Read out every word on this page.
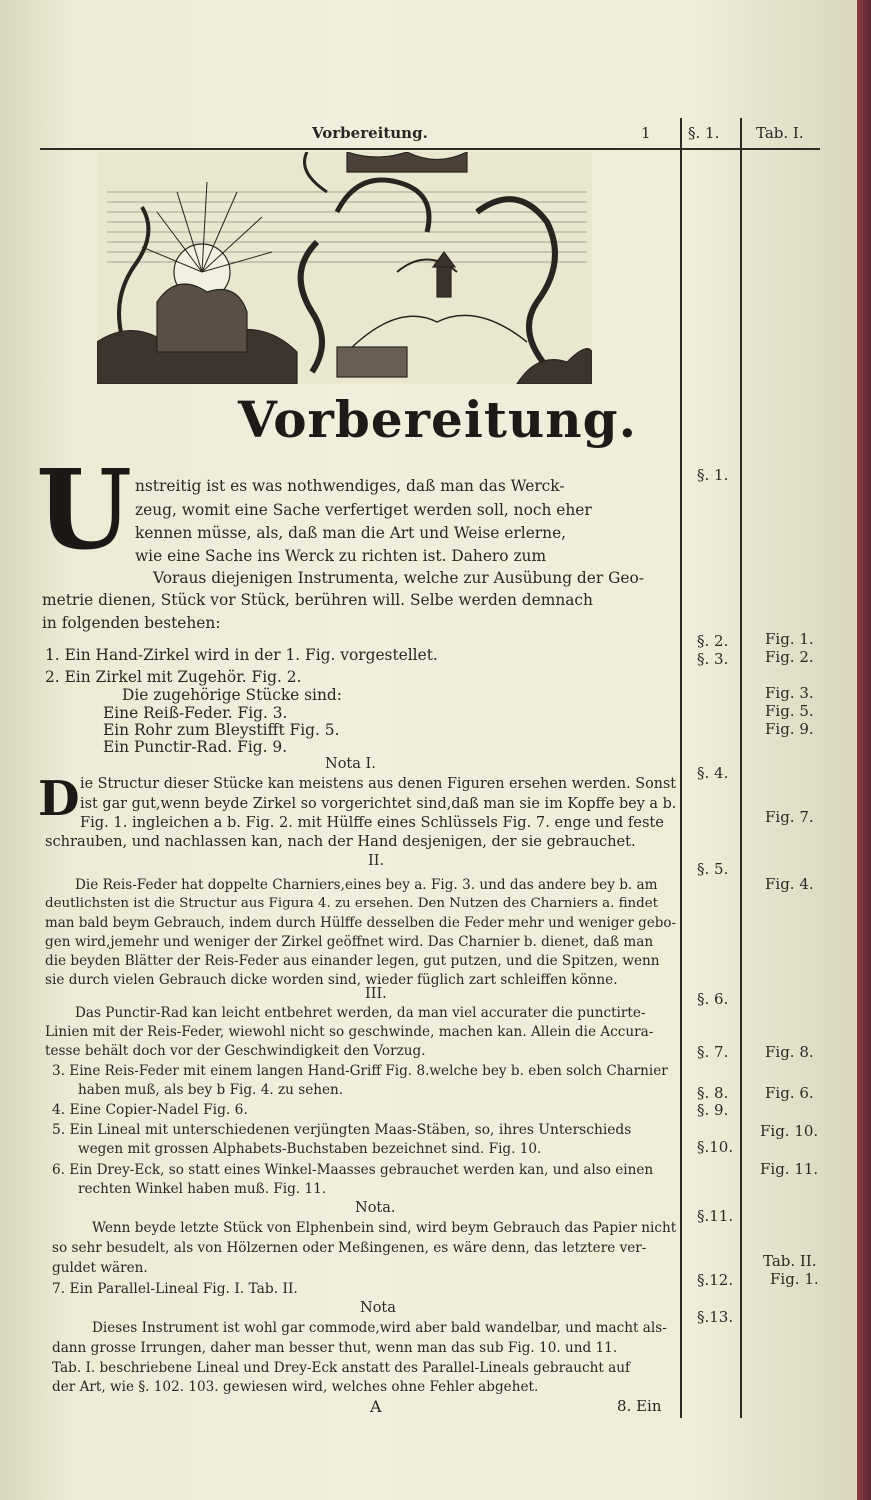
Vorbereitung.	1 §. 1. Tab. I.
Vorbereitung.
U nstreitig ist es was nothwendiges, daß man das Werck-
zeug, womit eine Sache verfertiget werden soll, noch eher
kennen müsse, als, daß man die Art und Weise erlerne,
wie eine Sache ins Werck zu richten ist. Dahero zum
Voraus diejenigen Instrumenta, welche zur Ausübung der Geo-
metrie dienen, Stück vor Stück, berühren will. Selbe werden demnach
in folgenden bestehen:
1. Ein Hand-Zirkel wird in der 1. Fig. vorgestellet.
2. Ein Zirkel mit Zugehör. Fig. 2.
Die zugehörige Stücke sind:
Eine Reiß-Feder. Fig. 3.
Ein Rohr zum Bleystifft Fig. 5.
Ein Punctir-Rad. Fig. 9.
Nota I.
D ie Structur dieser Stücke kan meistens aus denen Figuren ersehen werden. Sonst
ist gar gut,wenn beyde Zirkel so vorgerichtet sind,daß man sie im Kopffe bey a b.
Fig. 1. ingleichen a b. Fig. 2. mit Hülffe eines Schlüssels Fig. 7. enge und feste
schrauben, und nachlassen kan, nach der Hand desjenigen, der sie gebrauchet.
II.
Die Reis-Feder hat doppelte Charniers,eines bey a. Fig. 3. und das andere bey b. am
deutlichsten ist die Structur aus Figura 4. zu ersehen. Den Nutzen des Charniers a. findet
man bald beym Gebrauch, indem durch Hülffe desselben die Feder mehr und weniger gebo-
gen wird,jemehr und weniger der Zirkel geöffnet wird. Das Charnier b. dienet, daß man
die beyden Blätter der Reis-Feder aus einander legen, gut putzen, und die Spitzen, wenn
sie durch vielen Gebrauch dicke worden sind, wieder füglich zart schleiffen könne.
III.
Das Punctir-Rad kan leicht entbehret werden, da man viel accurater die punctirte-
Linien mit der Reis-Feder, wiewohl nicht so geschwinde, machen kan. Allein die Accura-
tesse behält doch vor der Geschwindigkeit den Vorzug.
3. Eine Reis-Feder mit einem langen Hand-Griff Fig. 8.welche bey b. eben solch Charnier
haben muß, als bey b Fig. 4. zu sehen.
4. Eine Copier-Nadel Fig. 6.
5. Ein Lineal mit unterschiedenen verjüngten Maas-Stäben, so, ihres Unterschieds
wegen mit grossen Alphabets-Buchstaben bezeichnet sind. Fig. 10.
6. Ein Drey-Eck, so statt eines Winkel-Maasses gebrauchet werden kan, und also einen
rechten Winkel haben muß. Fig. 11.
Nota.
Wenn beyde letzte Stück von Elphenbein sind, wird beym Gebrauch das Papier nicht
so sehr besudelt, als von Hölzernen oder Meßingenen, es wäre denn, das letztere ver-
guldet wären.
7. Ein Parallel-Lineal Fig. I. Tab. II.
Nota
Dieses Instrument ist wohl gar commode,wird aber bald wandelbar, und macht als-
dann grosse Irrungen, daher man besser thut, wenn man das sub Fig. 10. und 11.
Tab. I. beschriebene Lineal und Drey-Eck anstatt des Parallel-Lineals gebraucht auf
der Art, wie §. 102. 103. gewiesen wird, welches ohne Fehler abgehet.
A	8. Ein
§. 1.
§. 2.
§. 3.
§. 4.
§. 5.
§. 6.
§. 7.
§. 8.
§. 9.
§.10.
§.11.
§.12.
§.13.
Fig. 1.
Fig. 2.
Fig. 3.
Fig. 5.
Fig. 9.
Fig. 7.
Fig. 4.
Fig. 8.
Fig. 6.
Fig. 10.
Fig. 11.
Tab. II.
Fig. 1.
